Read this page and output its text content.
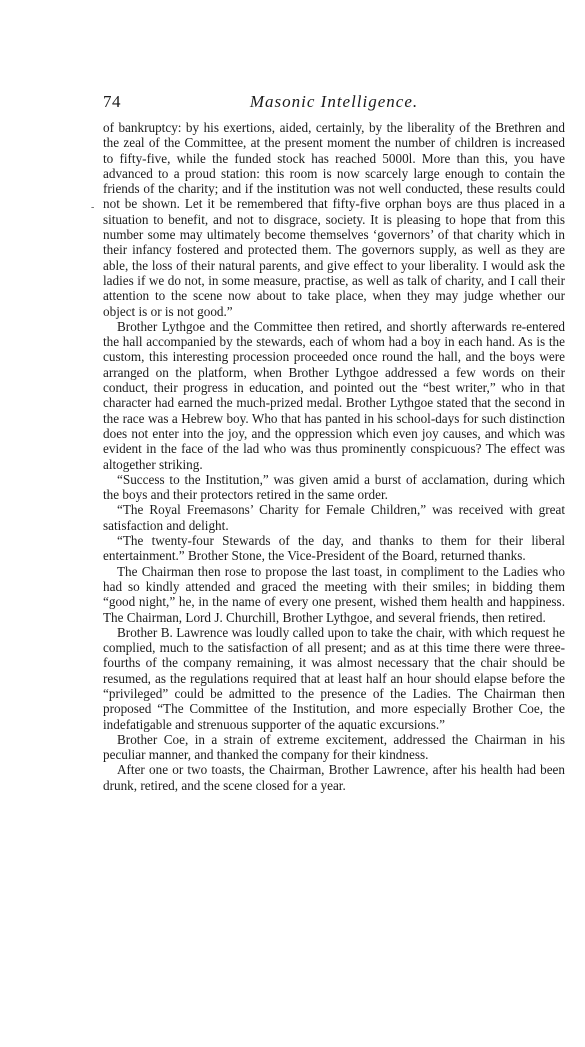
74	Masonic Intelligence.

of bankruptcy: by his exertions, aided, certainly, by the liberality of the Brethren and the zeal of the Committee, at the present moment the number of children is increased to fifty-five, while the funded stock has reached 5000l. More than this, you have advanced to a proud station: this room is now scarcely large enough to contain the friends of the charity; and if the institution was not well conducted, these results could not be shown. Let it be remembered that fifty-five orphan boys are thus placed in a situation to benefit, and not to disgrace, society. It is pleasing to hope that from this number some may ultimately become themselves ‘governors’ of that charity which in their infancy fostered and protected them. The governors supply, as well as they are able, the loss of their natural parents, and give effect to your liberality. I would ask the ladies if we do not, in some measure, practise, as well as talk of charity, and I call their attention to the scene now about to take place, when they may judge whether our object is or is not good.”

Brother Lythgoe and the Committee then retired, and shortly afterwards re-entered the hall accompanied by the stewards, each of whom had a boy in each hand. As is the custom, this interesting procession proceeded once round the hall, and the boys were arranged on the platform, when Brother Lythgoe addressed a few words on their conduct, their progress in education, and pointed out the “best writer,” who in that character had earned the much-prized medal. Brother Lythgoe stated that the second in the race was a Hebrew boy. Who that has panted in his school-days for such distinction does not enter into the joy, and the oppression which even joy causes, and which was evident in the face of the lad who was thus prominently conspicuous? The effect was altogether striking.

“Success to the Institution,” was given amid a burst of acclamation, during which the boys and their protectors retired in the same order.

“The Royal Freemasons’ Charity for Female Children,” was received with great satisfaction and delight.

“The twenty-four Stewards of the day, and thanks to them for their liberal entertainment.” Brother Stone, the Vice-President of the Board, returned thanks.

The Chairman then rose to propose the last toast, in compliment to the Ladies who had so kindly attended and graced the meeting with their smiles; in bidding them “good night,” he, in the name of every one present, wished them health and happiness. The Chairman, Lord J. Churchill, Brother Lythgoe, and several friends, then retired.

Brother B. Lawrence was loudly called upon to take the chair, with which request he complied, much to the satisfaction of all present; and as at this time there were three-fourths of the company remaining, it was almost necessary that the chair should be resumed, as the regulations required that at least half an hour should elapse before the “privileged” could be admitted to the presence of the Ladies. The Chairman then proposed “The Committee of the Institution, and more especially Brother Coe, the indefatigable and strenuous supporter of the aquatic excursions.”

Brother Coe, in a strain of extreme excitement, addressed the Chairman in his peculiar manner, and thanked the company for their kindness.

After one or two toasts, the Chairman, Brother Lawrence, after his health had been drunk, retired, and the scene closed for a year.

-
